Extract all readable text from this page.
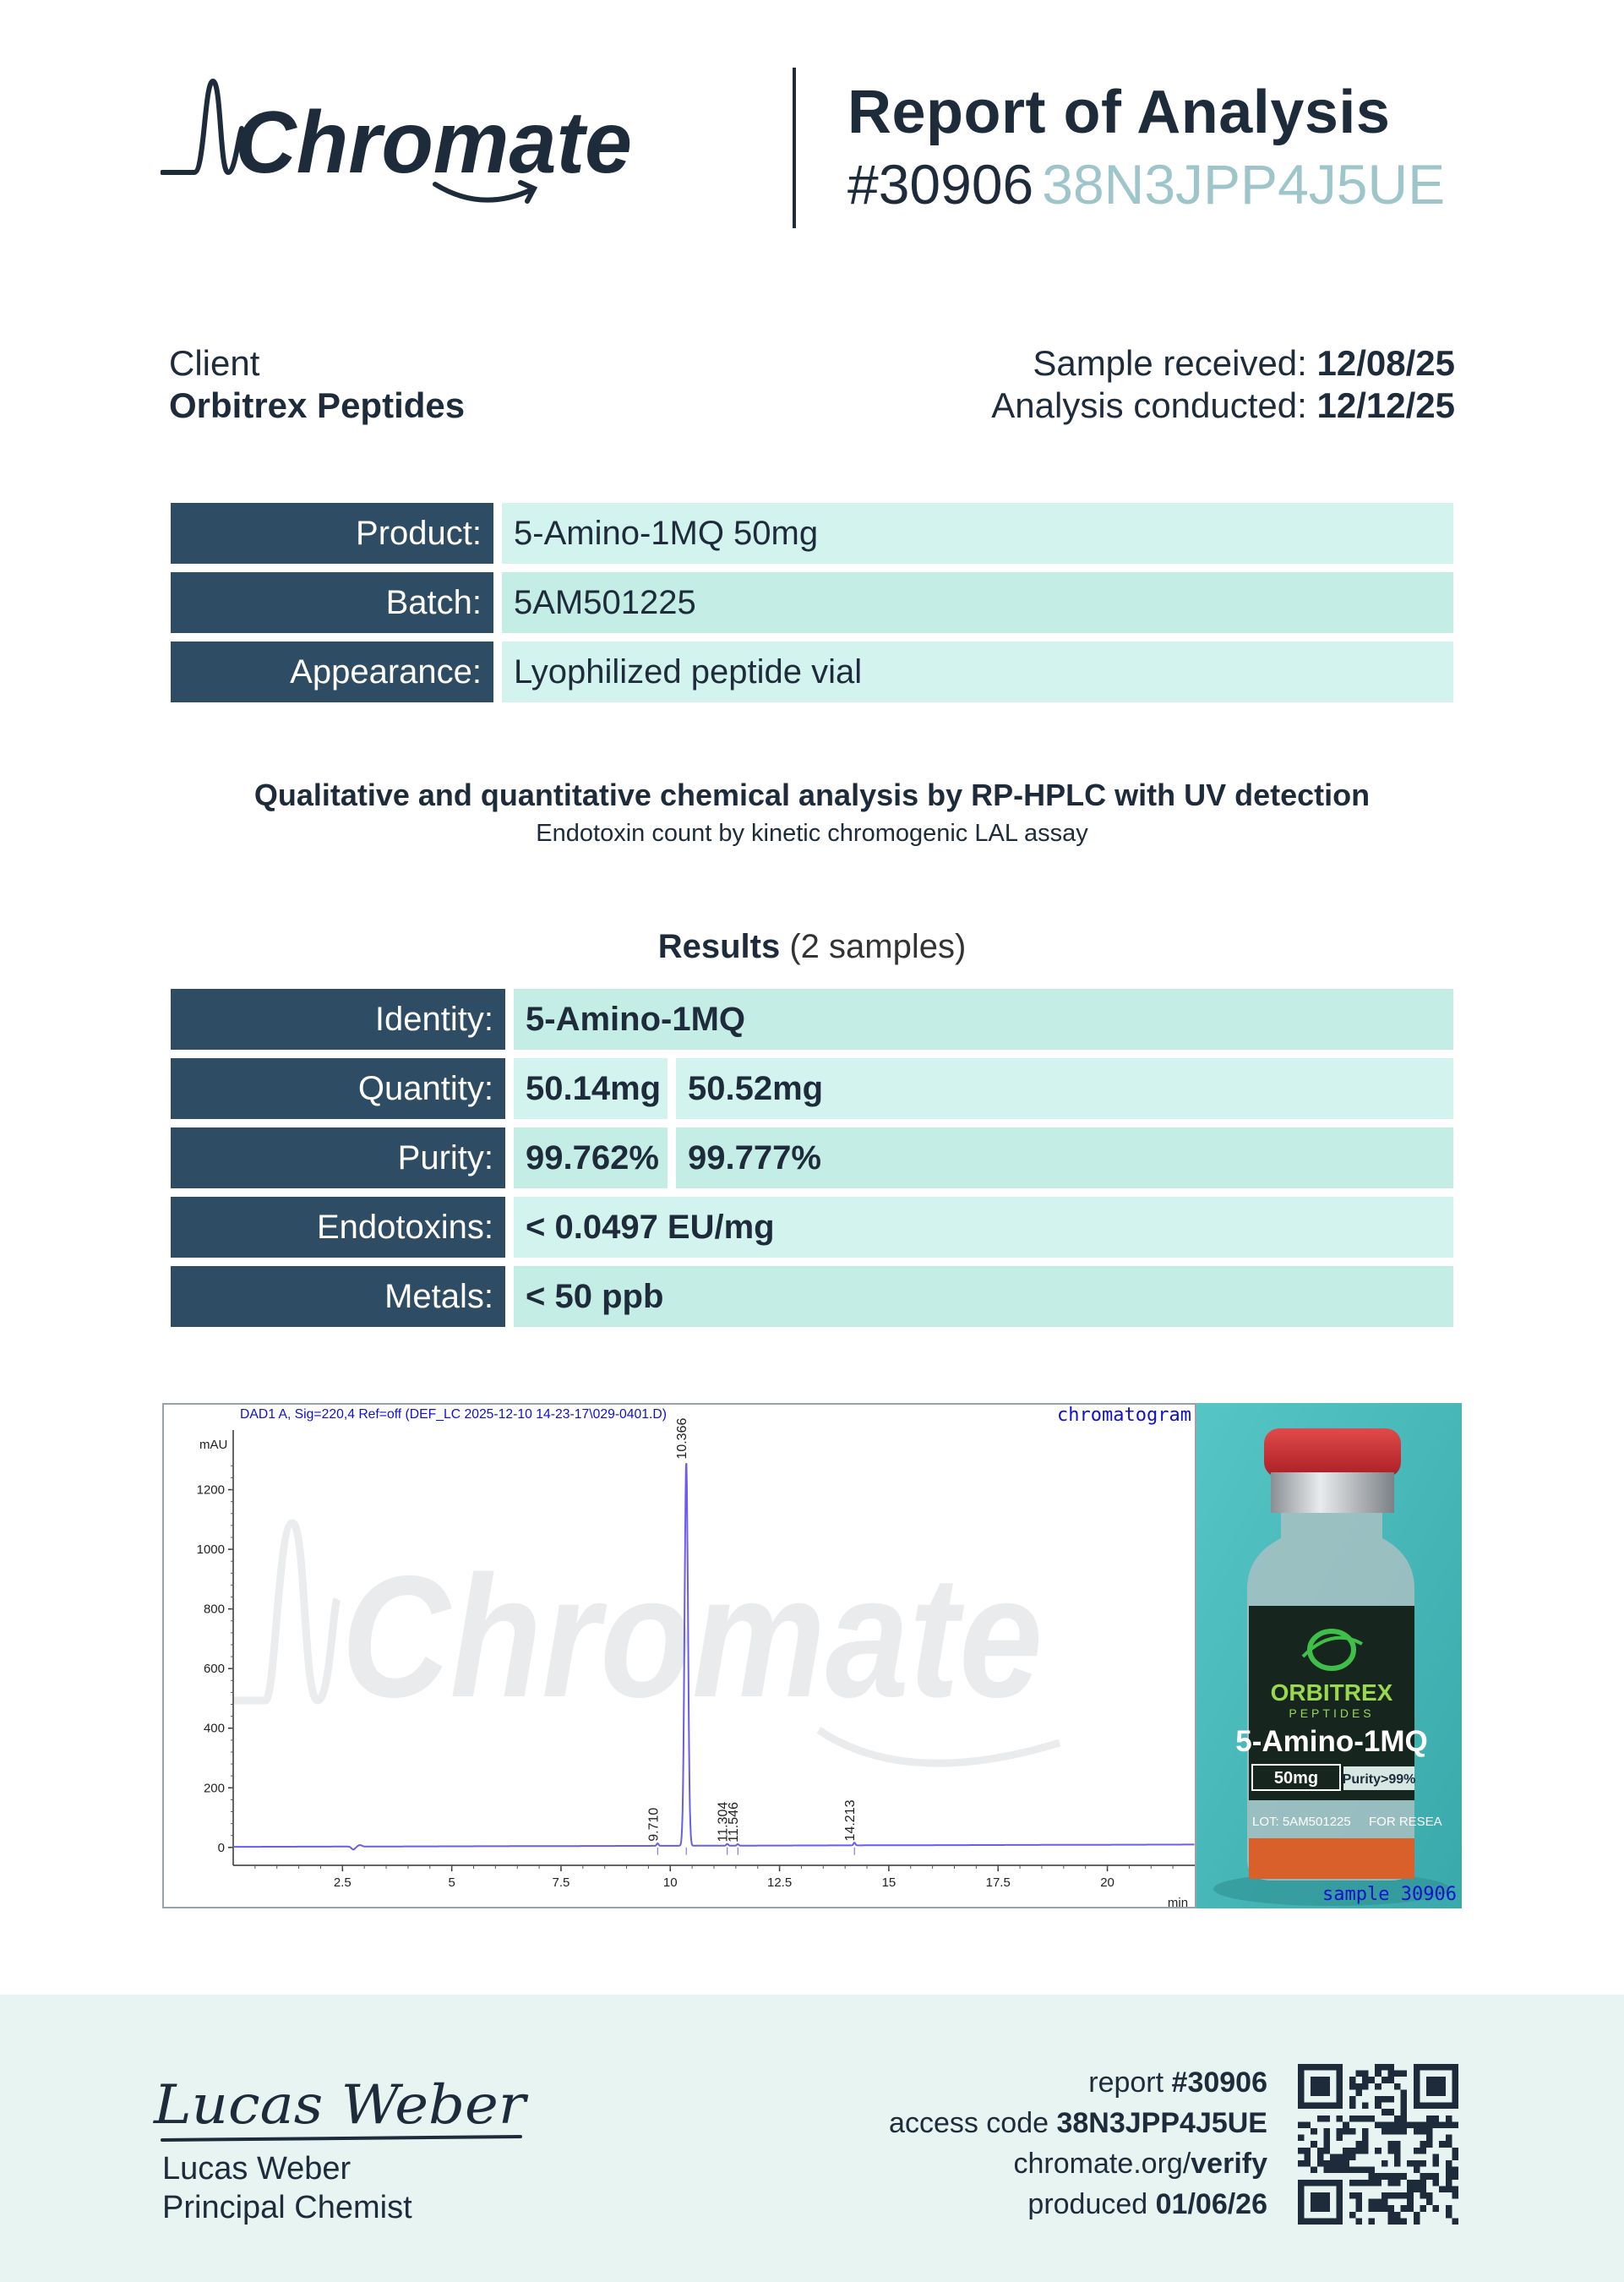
Chromate	Report of Analysis
#30906 38N3JPP4J5UE
Client
Orbitrex Peptides
Sample received: 12/08/25
Analysis conducted: 12/12/25
Product: 5-Amino-1MQ 50mg
Batch: 5AM501225
Appearance: Lyophilized peptide vial
Qualitative and quantitative chemical analysis by RP-HPLC with UV detection
Endotoxin count by kinetic chromogenic LAL assay
Results (2 samples)
Identity: 5-Amino-1MQ
Quantity: 50.14mg 50.52mg
Purity: 99.762% 99.777%
Endotoxins: < 0.0497 EU/mg
Metals: < 50 ppb
Chromate
DAD1 A, Sig=220,4 Ref=off (DEF_LC 2025-12-10 14-23-17\029-0401.D)
mAU
min
0
200
400
600
800
1000
1200
2.5	5	7.5	10	12.5	15	17.5	20
9.710
10.366
11.304
11.546	14.213
chromatogram
ORBITREX
PEPTIDES
5-Amino-1MQ
50mg Purity>99%
LOT: 5AM501225 FOR RESEA
sample 30906
Lucas Weber
Lucas Weber
Principal Chemist
report #30906
access code 38N3JPP4J5UE
chromate.org/verify
produced 01/06/26
